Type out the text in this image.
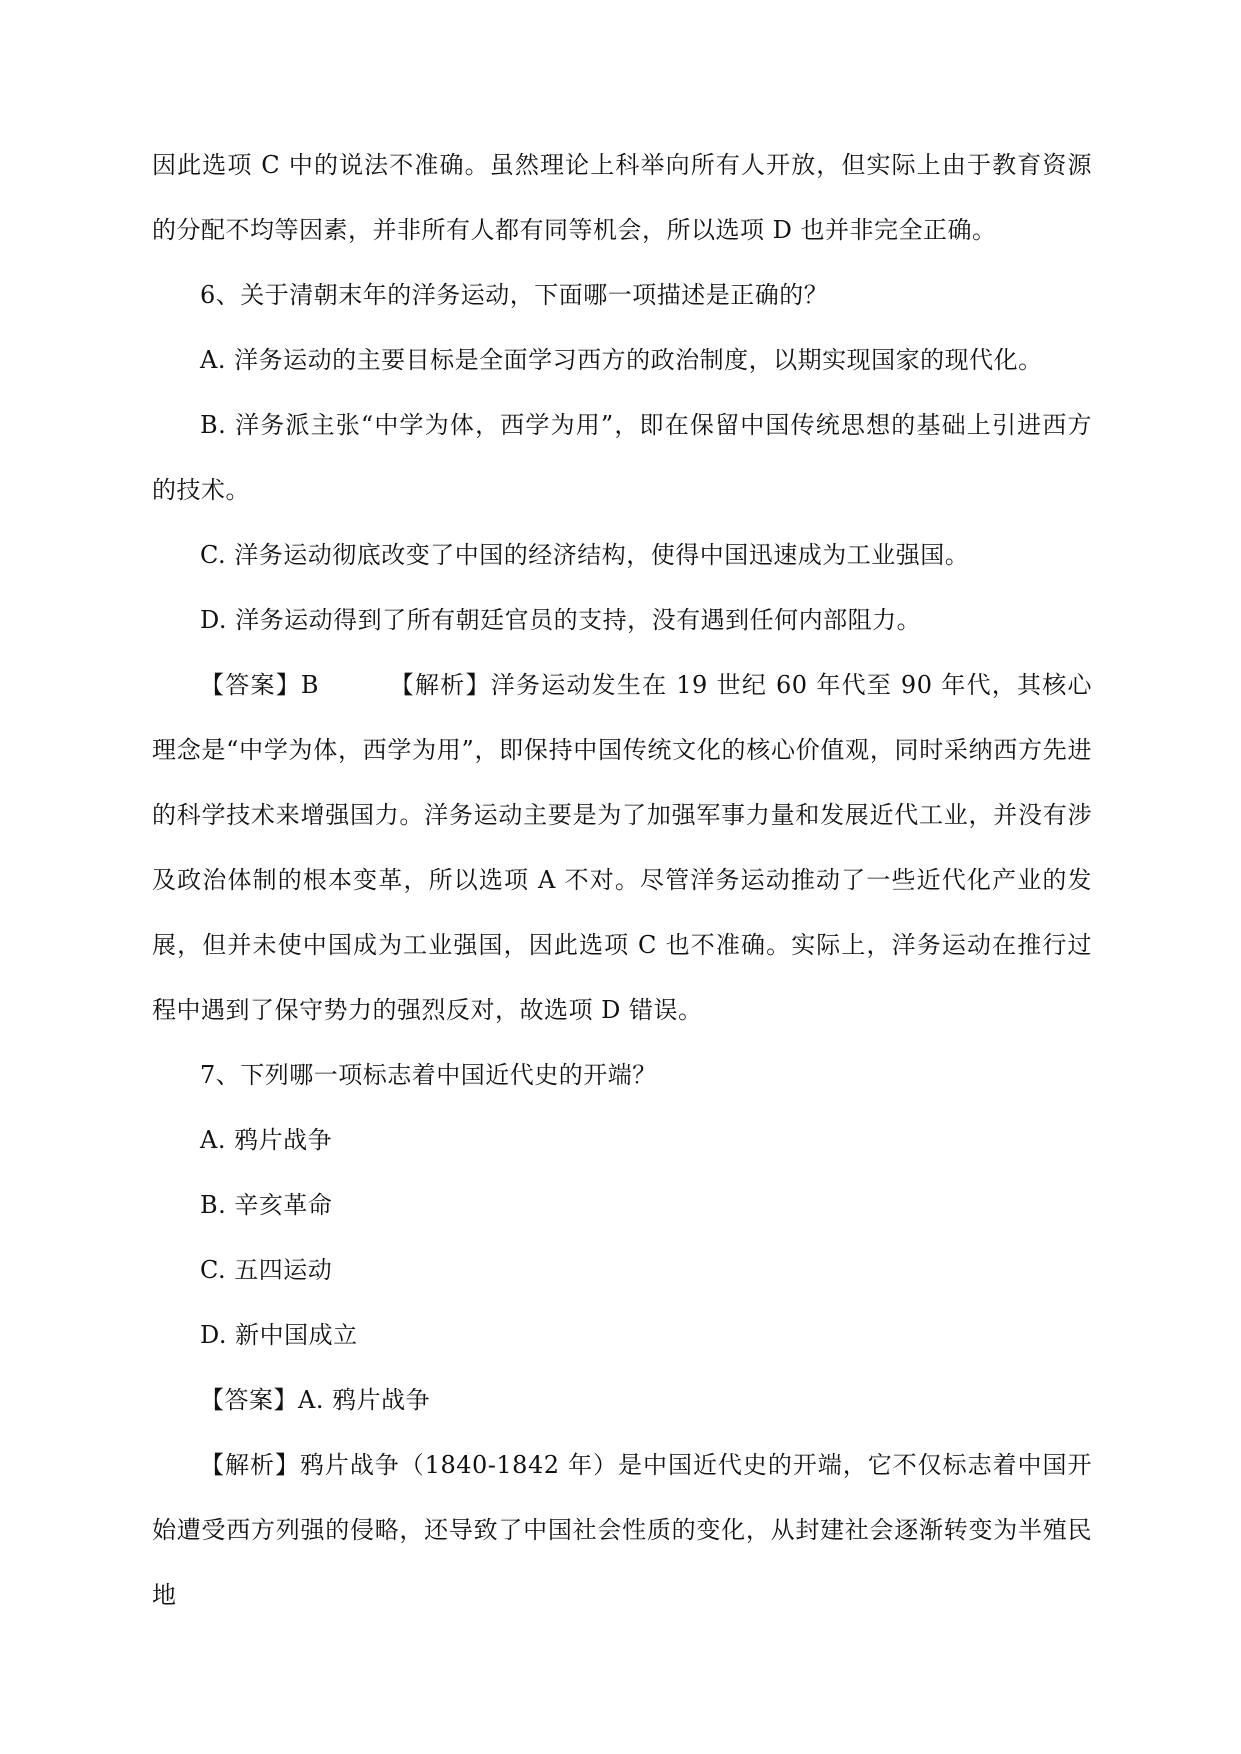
因此选项 C 中的说法不准确。虽然理论上科举向所有人开放，但实际上由于教育资源的分配不均等因素，并非所有人都有同等机会，所以选项 D 也并非完全正确。

6、关于清朝末年的洋务运动，下面哪一项描述是正确的？

A. 洋务运动的主要目标是全面学习西方的政治制度，以期实现国家的现代化。

B. 洋务派主张“中学为体，西学为用”，即在保留中国传统思想的基础上引进西方的技术。

C. 洋务运动彻底改变了中国的经济结构，使得中国迅速成为工业强国。

D. 洋务运动得到了所有朝廷官员的支持，没有遇到任何内部阻力。

【答案】B	【解析】洋务运动发生在 19 世纪 60 年代至 90 年代，其核心理念是“中学为体，西学为用”，即保持中国传统文化的核心价值观，同时采纳西方先进的科学技术来增强国力。洋务运动主要是为了加强军事力量和发展近代工业，并没有涉及政治体制的根本变革，所以选项 A 不对。尽管洋务运动推动了一些近代化产业的发展，但并未使中国成为工业强国，因此选项 C 也不准确。实际上，洋务运动在推行过程中遇到了保守势力的强烈反对，故选项 D 错误。

7、下列哪一项标志着中国近代史的开端？

A. 鸦片战争

B. 辛亥革命

C. 五四运动

D. 新中国成立

【答案】A. 鸦片战争

【解析】鸦片战争（1840-1842 年）是中国近代史的开端，它不仅标志着中国开始遭受西方列强的侵略，还导致了中国社会性质的变化，从封建社会逐渐转变为半殖民地
